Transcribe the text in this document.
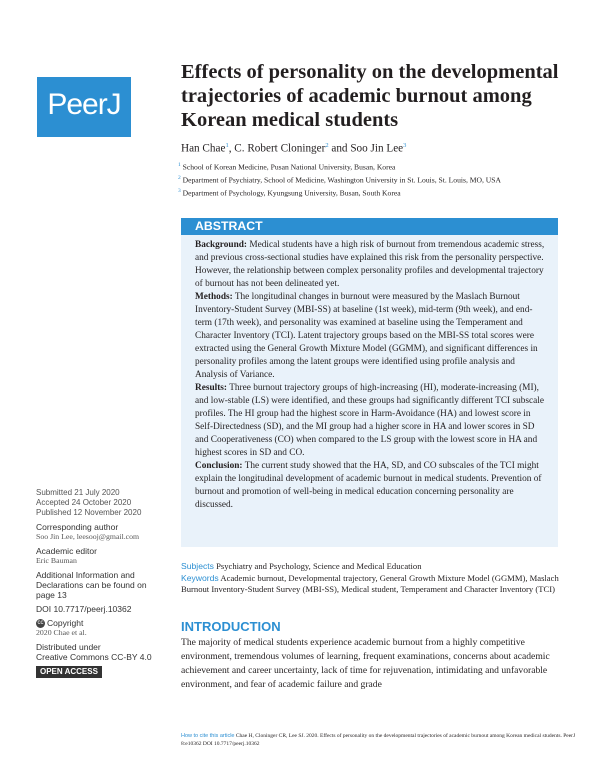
PeerJ
Effects of personality on the developmental trajectories of academic burnout among Korean medical students
Han Chae$^1$, C. Robert Cloninger$^2$ and Soo Jin Lee$^3$
$^1$ School of Korean Medicine, Pusan National University, Busan, Korea
$^2$ Department of Psychiatry, School of Medicine, Washington University in St. Louis, St. Louis, MO, USA
$^3$ Department of Psychology, Kyungsung University, Busan, South Korea
ABSTRACT

Background: Medical students have a high risk of burnout from tremendous academic stress, and previous cross-sectional studies have explained this risk from the personality perspective. However, the relationship between complex personality profiles and developmental trajectory of burnout has not been delineated yet.

Methods: The longitudinal changes in burnout were measured by the Maslach Burnout Inventory-Student Survey (MBI-SS) at baseline (1st week), mid-term (9th week), and end-term (17th week), and personality was examined at baseline using the Temperament and Character Inventory (TCI). Latent trajectory groups based on the MBI-SS total scores were extracted using the General Growth Mixture Model (GGMM), and significant differences in personality profiles among the latent groups were identified using profile analysis and Analysis of Variance.

Results: Three burnout trajectory groups of high-increasing (HI), moderate-increasing (MI), and low-stable (LS) were identified, and these groups had significantly different TCI subscale profiles. The HI group had the highest score in Harm-Avoidance (HA) and lowest score in Self-Directedness (SD), and the MI group had a higher score in HA and lower scores in SD and Cooperativeness (CO) when compared to the LS group with the lowest score in HA and highest scores in SD and CO.

Conclusion: The current study showed that the HA, SD, and CO subscales of the TCI might explain the longitudinal development of academic burnout in medical students. Prevention of burnout and promotion of well-being in medical education concerning personality are discussed.

Submitted 21 July 2020
Accepted 24 October 2020
Published 12 November 2020
Corresponding author
Soo Jin Lee, leesooj@gmail.com
Academic editor
Eric Bauman
Additional Information and Declarations can be found on page 13
DOI 10.7717/peerj.10362
cc Copyright
2020 Chae et al.
Distributed under
Creative Commons CC-BY 4.0
OPEN ACCESS
Subjects Psychiatry and Psychology, Science and Medical Education
Keywords Academic burnout, Developmental trajectory, General Growth Mixture Model (GGMM), Maslach Burnout Inventory-Student Survey (MBI-SS), Medical student, Temperament and Character Inventory (TCI)
INTRODUCTION
The majority of medical students experience academic burnout from a highly competitive environment, tremendous volumes of learning, frequent examinations, concerns about academic achievement and career uncertainty, lack of time for rejuvenation, intimidating and unfavorable environment, and fear of academic failure and grade
How to cite this article Chae H, Cloninger CR, Lee SJ. 2020. Effects of personality on the developmental trajectories of academic burnout among Korean medical students. PeerJ 8:e10362 DOI 10.7717/peerj.10362
